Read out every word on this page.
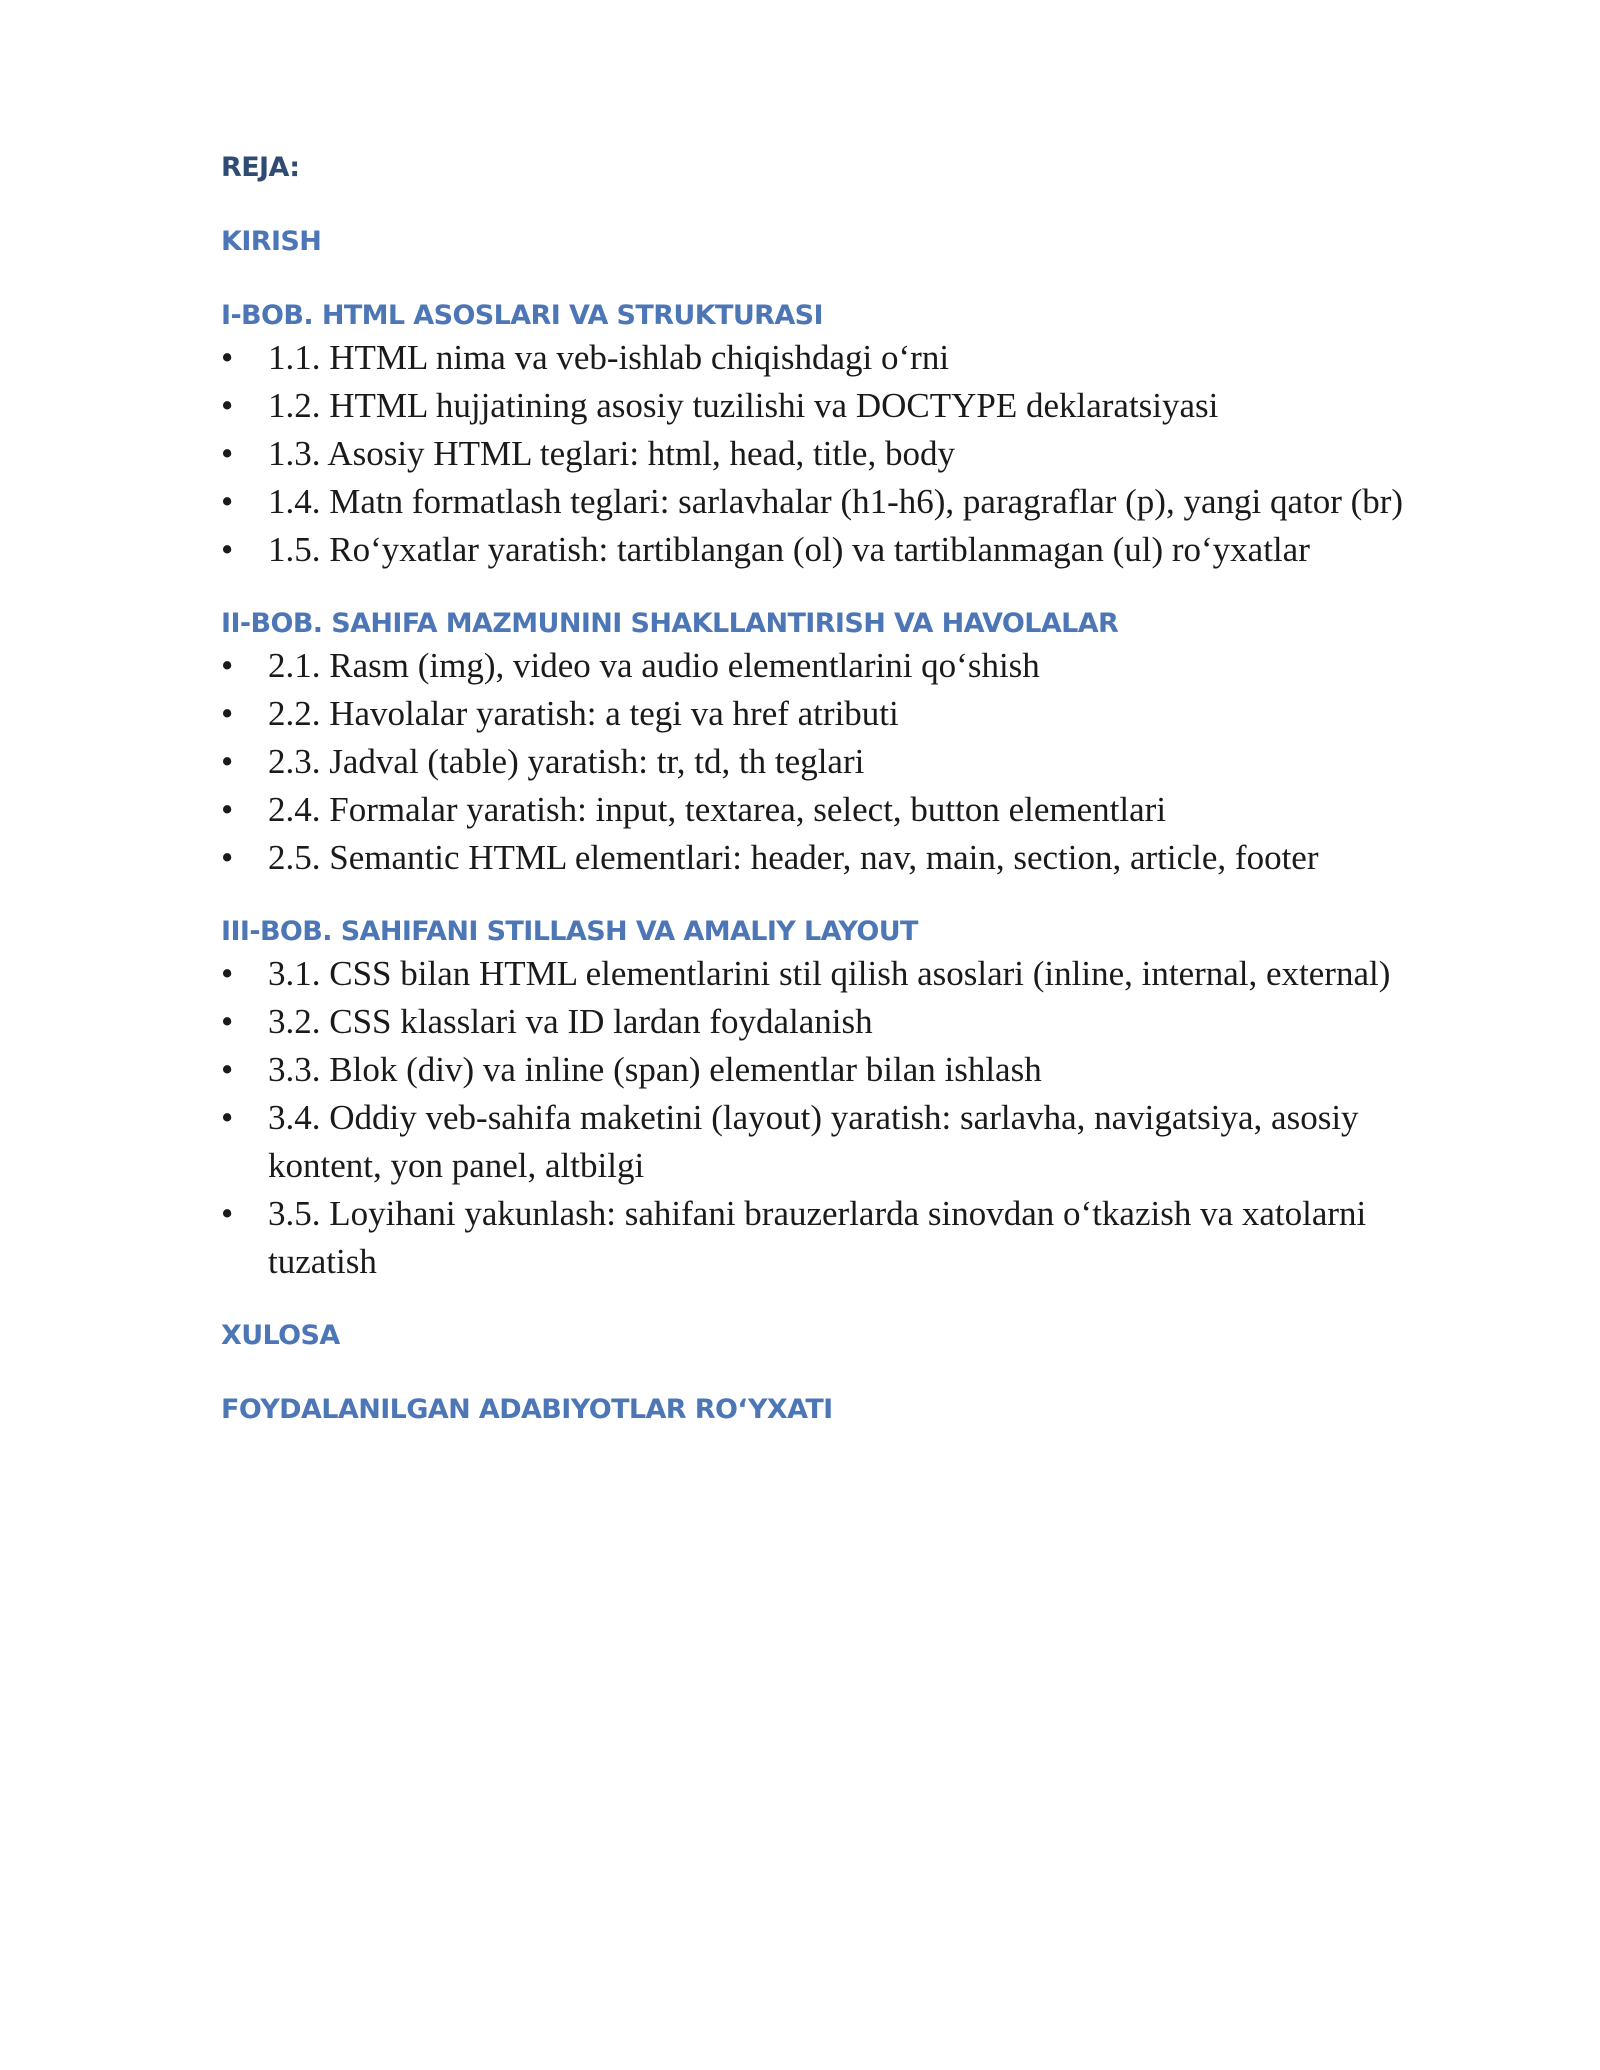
REJA:
KIRISH
I-BOB. HTML ASOSLARI VA STRUKTURASI
• 1.1. HTML nima va veb-ishlab chiqishdagi o‘rni
• 1.2. HTML hujjatining asosiy tuzilishi va DOCTYPE deklaratsiyasi
• 1.3. Asosiy HTML teglari: html, head, title, body
• 1.4. Matn formatlash teglari: sarlavhalar (h1-h6), paragraflar (p), yangi qator (br)
• 1.5. Ro‘yxatlar yaratish: tartiblangan (ol) va tartiblanmagan (ul) ro‘yxatlar
II-BOB. SAHIFA MAZMUNINI SHAKLLANTIRISH VA HAVOLALAR
• 2.1. Rasm (img), video va audio elementlarini qo‘shish
• 2.2. Havolalar yaratish: a tegi va href atributi
• 2.3. Jadval (table) yaratish: tr, td, th teglari
• 2.4. Formalar yaratish: input, textarea, select, button elementlari
• 2.5. Semantic HTML elementlari: header, nav, main, section, article, footer
III-BOB. SAHIFANI STILLASH VA AMALIY LAYOUT
• 3.1. CSS bilan HTML elementlarini stil qilish asoslari (inline, internal, external)
• 3.2. CSS klasslari va ID lardan foydalanish
• 3.3. Blok (div) va inline (span) elementlar bilan ishlash
• 3.4. Oddiy veb-sahifa maketini (layout) yaratish: sarlavha, navigatsiya, asosiy kontent, yon panel, altbilgi
• 3.5. Loyihani yakunlash: sahifani brauzerlarda sinovdan o‘tkazish va xatolarni tuzatish
XULOSA
FOYDALANILGAN ADABIYOTLAR RO‘YXATI
